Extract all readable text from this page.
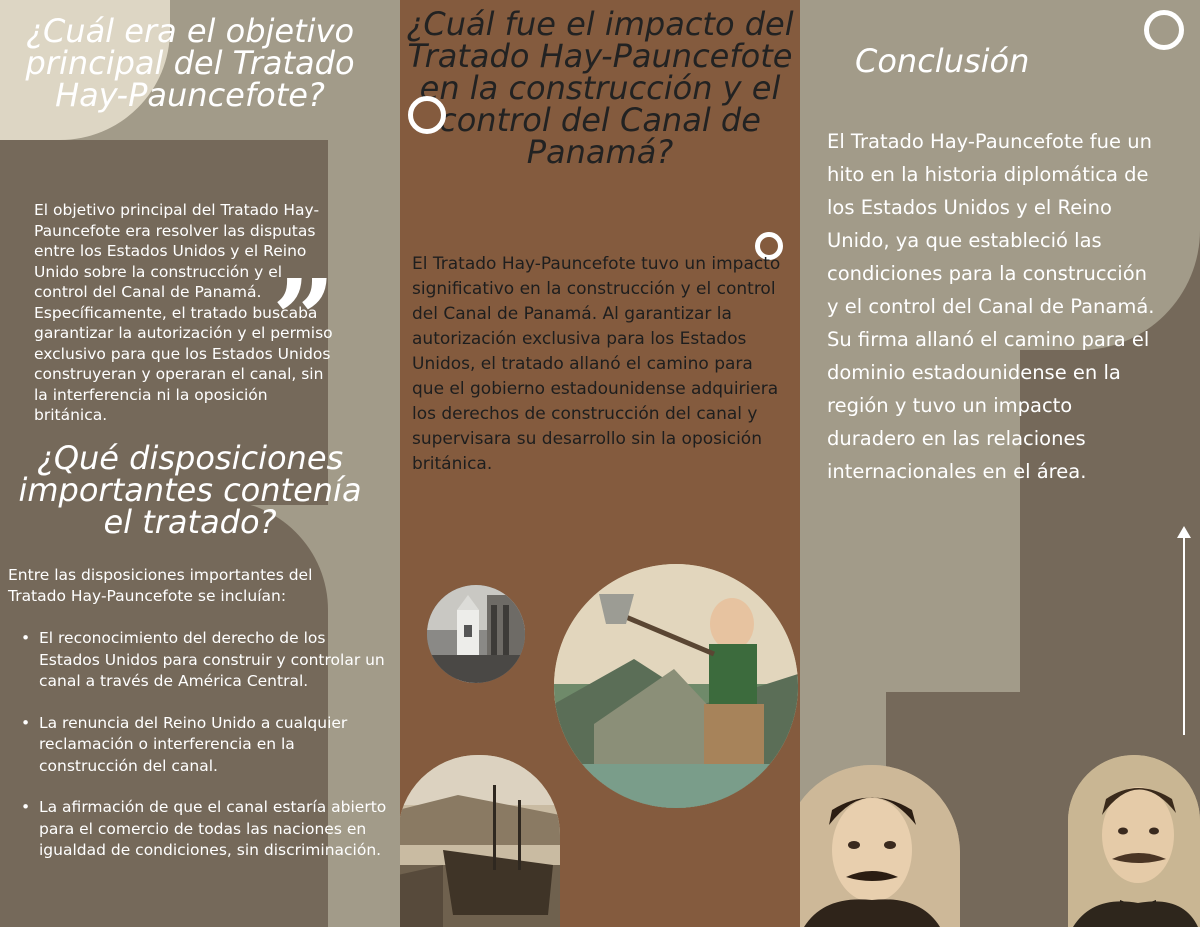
¿Cuál era el objetivo principal del Tratado Hay-Pauncefote?
”
El objetivo principal del Tratado Hay-Pauncefote era resolver las disputas entre los Estados Unidos y el Reino Unido sobre la construcción y el control del Canal de Panamá. Específicamente, el tratado buscaba garantizar la autorización y el permiso exclusivo para que los Estados Unidos construyeran y operaran el canal, sin la interferencia ni la oposición británica.
¿Qué disposiciones importantes contenía el tratado?
Entre las disposiciones importantes del Tratado Hay-Pauncefote se incluían:
• El reconocimiento del derecho de los Estados Unidos para construir y controlar un canal a través de América Central.
• La renuncia del Reino Unido a cualquier reclamación o interferencia en la construcción del canal.
• La afirmación de que el canal estaría abierto para el comercio de todas las naciones en igualdad de condiciones, sin discriminación.
¿Cuál fue el impacto del Tratado Hay-Pauncefote en la construcción y el control del Canal de Panamá?
El Tratado Hay-Pauncefote tuvo un impacto significativo en la construcción y el control del Canal de Panamá. Al garantizar la autorización exclusiva para los Estados Unidos, el tratado allanó el camino para que el gobierno estadounidense adquiriera los derechos de construcción del canal y supervisara su desarrollo sin la oposición británica.
Conclusión
El Tratado Hay-Pauncefote fue un hito en la historia diplomática de los Estados Unidos y el Reino Unido, ya que estableció las condiciones para la construcción y el control del Canal de Panamá. Su firma allanó el camino para el dominio estadounidense en la región y tuvo un impacto duradero en las relaciones internacionales en el área.
